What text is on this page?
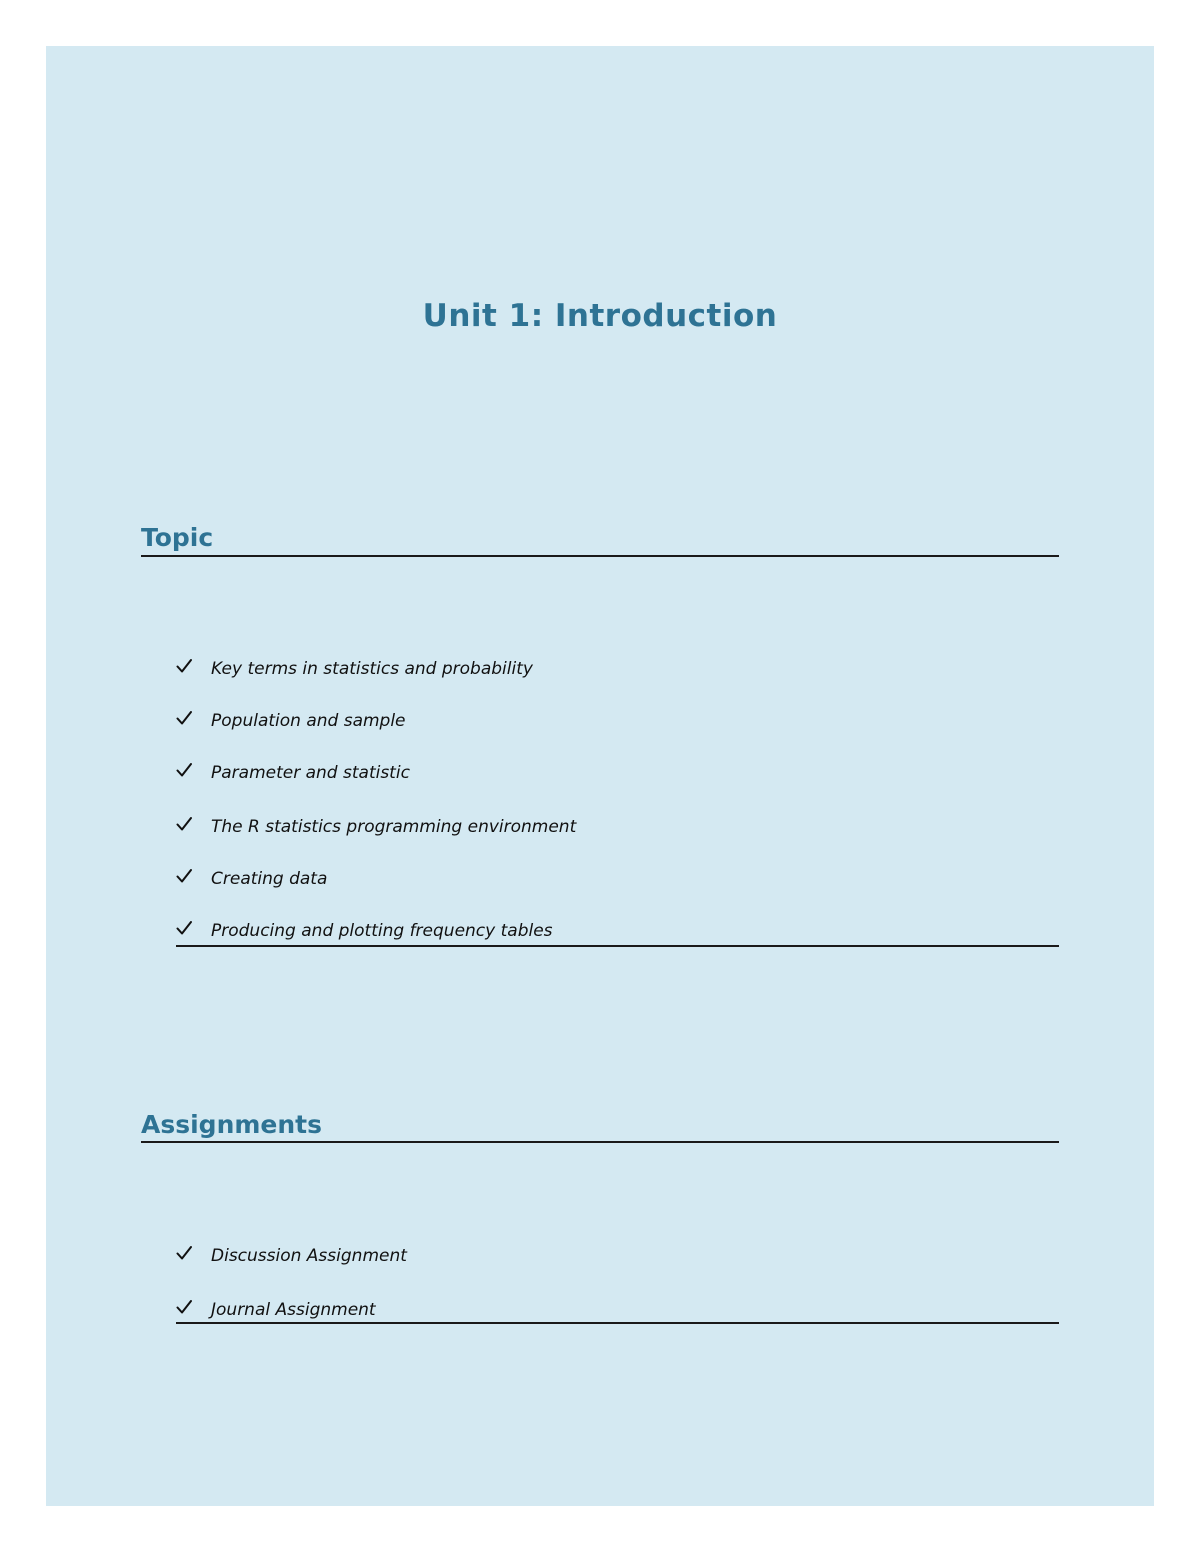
Unit 1: Introduction
Topic
Key terms in statistics and probability
Population and sample
Parameter and statistic
The R statistics programming environment
Creating data
Producing and plotting frequency tables
Assignments
Discussion Assignment
Journal Assignment
